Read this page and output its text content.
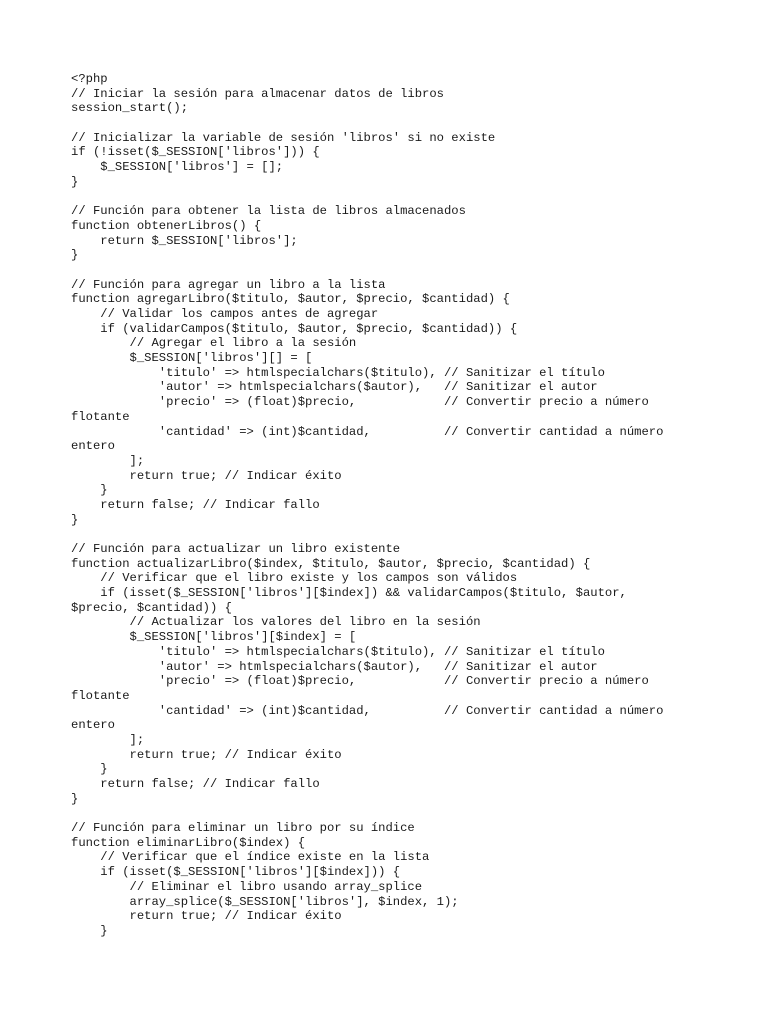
<?php
// Iniciar la sesión para almacenar datos de libros
session_start();
// Inicializar la variable de sesión 'libros' si no existe
if (!isset($_SESSION['libros'])) {
$_SESSION['libros'] = [];
}
// Función para obtener la lista de libros almacenados
function obtenerLibros() {
return $_SESSION['libros'];
}
// Función para agregar un libro a la lista
function agregarLibro($titulo, $autor, $precio, $cantidad) {
// Validar los campos antes de agregar
if (validarCampos($titulo, $autor, $precio, $cantidad)) {
// Agregar el libro a la sesión
$_SESSION['libros'][] = [
'titulo' => htmlspecialchars($titulo), // Sanitizar el título
'autor' => htmlspecialchars($autor),   // Sanitizar el autor
'precio' => (float)$precio,            // Convertir precio a número
flotante
'cantidad' => (int)$cantidad,          // Convertir cantidad a número
entero
];
return true; // Indicar éxito
}
return false; // Indicar fallo
}
// Función para actualizar un libro existente
function actualizarLibro($index, $titulo, $autor, $precio, $cantidad) {
// Verificar que el libro existe y los campos son válidos
if (isset($_SESSION['libros'][$index]) && validarCampos($titulo, $autor,
$precio, $cantidad)) {
// Actualizar los valores del libro en la sesión
$_SESSION['libros'][$index] = [
'titulo' => htmlspecialchars($titulo), // Sanitizar el título
'autor' => htmlspecialchars($autor),   // Sanitizar el autor
'precio' => (float)$precio,            // Convertir precio a número
flotante
'cantidad' => (int)$cantidad,          // Convertir cantidad a número
entero
];
return true; // Indicar éxito
}
return false; // Indicar fallo
}
// Función para eliminar un libro por su índice
function eliminarLibro($index) {
// Verificar que el índice existe en la lista
if (isset($_SESSION['libros'][$index])) {
// Eliminar el libro usando array_splice
array_splice($_SESSION['libros'], $index, 1);
return true; // Indicar éxito
}
